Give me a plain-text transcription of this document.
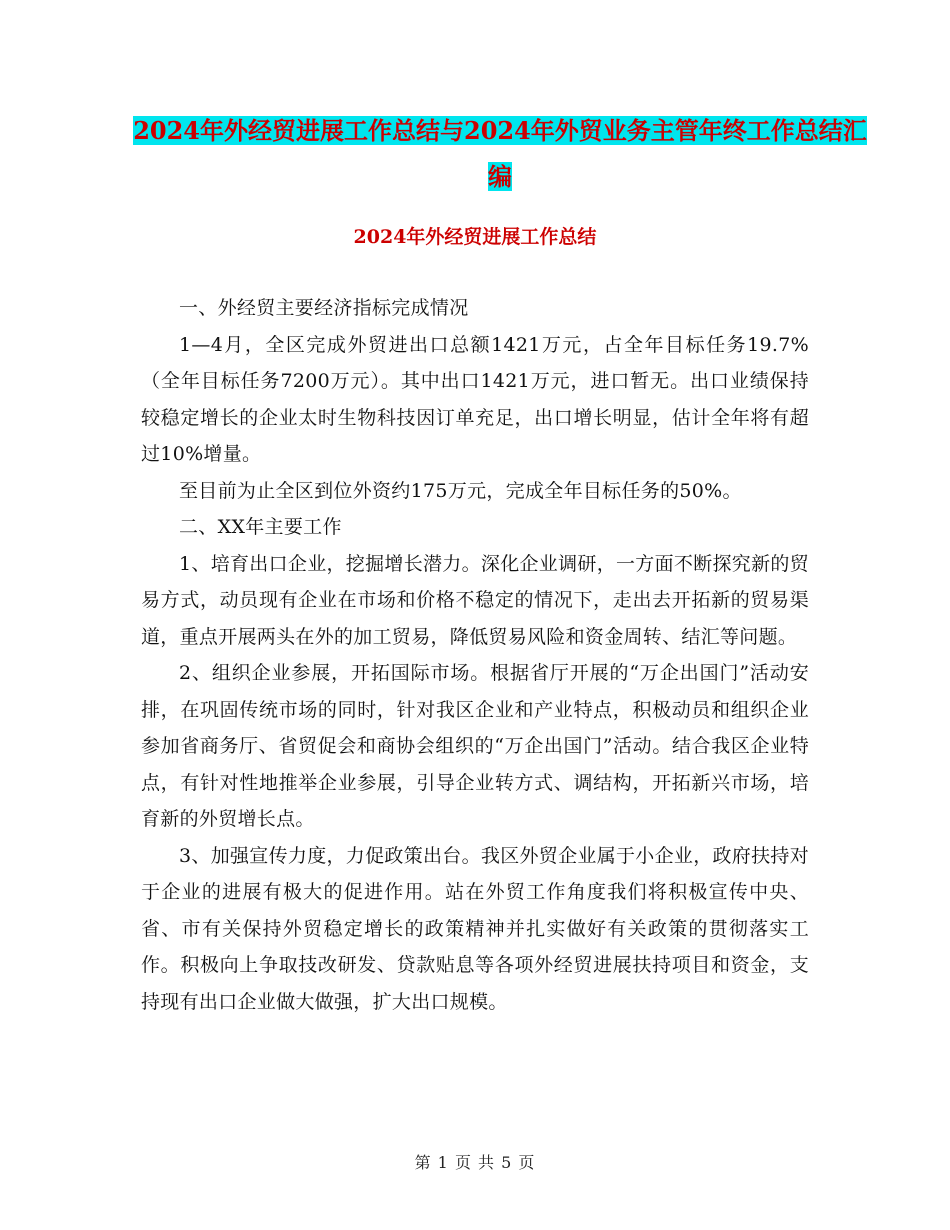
2024年外经贸进展工作总结与2024年外贸业务主管年终工作总结汇编
2024年外经贸进展工作总结

一、外经贸主要经济指标完成情况

1—4月，全区完成外贸进出口总额1421万元，占全年目标任务19.7%（全年目标任务7200万元）。其中出口1421万元，进口暂无。出口业绩保持较稳定增长的企业太时生物科技因订单充足，出口增长明显，估计全年将有超过10%增量。

至目前为止全区到位外资约175万元，完成全年目标任务的50%。

二、XX年主要工作

1、培育出口企业，挖掘增长潜力。深化企业调研，一方面不断探究新的贸易方式，动员现有企业在市场和价格不稳定的情况下，走出去开拓新的贸易渠道，重点开展两头在外的加工贸易，降低贸易风险和资金周转、结汇等问题。

2、组织企业参展，开拓国际市场。根据省厅开展的“万企出国门”活动安排，在巩固传统市场的同时，针对我区企业和产业特点，积极动员和组织企业参加省商务厅、省贸促会和商协会组织的“万企出国门”活动。结合我区企业特点，有针对性地推举企业参展，引导企业转方式、调结构，开拓新兴市场，培育新的外贸增长点。

3、加强宣传力度，力促政策出台。我区外贸企业属于小企业，政府扶持对于企业的进展有极大的促进作用。站在外贸工作角度我们将积极宣传中央、省、市有关保持外贸稳定增长的政策精神并扎实做好有关政策的贯彻落实工作。积极向上争取技改研发、贷款贴息等各项外经贸进展扶持项目和资金，支持现有出口企业做大做强，扩大出口规模。

第 1 页 共 5 页
